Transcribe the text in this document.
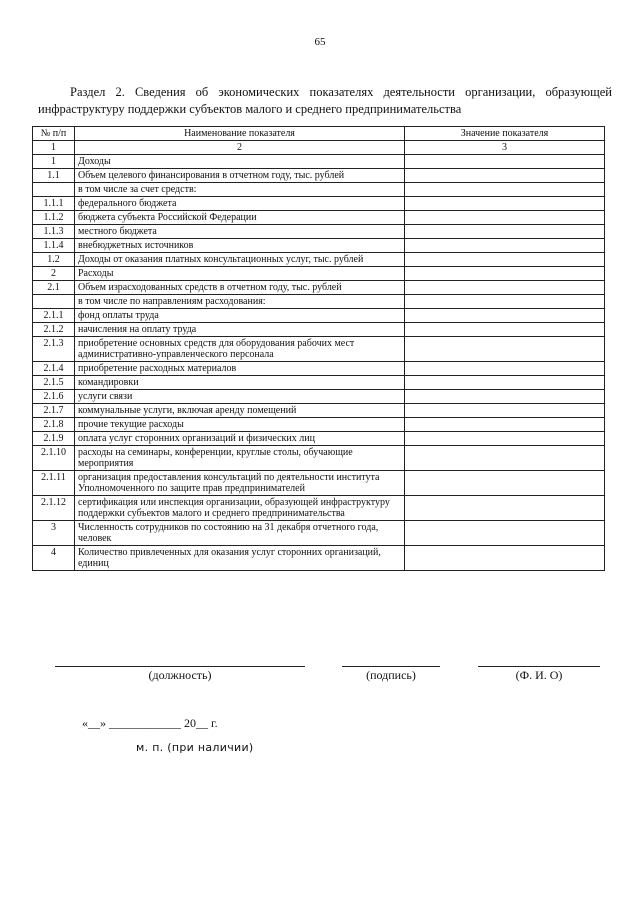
65
Раздел 2. Сведения об экономических показателях деятельности организации, образующей инфраструктуру поддержки субъектов малого и среднего предпринимательства
№ п/п	Наименование показателя	Значение показателя
1	2	3
1	Доходы	
1.1	Объем целевого финансирования в отчетном году, тыс. рублей	
	в том числе за счет средств:	
1.1.1	федерального бюджета	
1.1.2	бюджета субъекта Российской Федерации	
1.1.3	местного бюджета	
1.1.4	внебюджетных источников	
1.2	Доходы от оказания платных консультационных услуг, тыс. рублей	
2	Расходы	
2.1	Объем израсходованных средств в отчетном году, тыс. рублей	
	в том числе по направлениям расходования:	
2.1.1	фонд оплаты труда	
2.1.2	начисления на оплату труда	
2.1.3	приобретение основных средств для оборудования рабочих мест административно-управленческого персонала	
2.1.4	приобретение расходных материалов	
2.1.5	командировки	
2.1.6	услуги связи	
2.1.7	коммунальные услуги, включая аренду помещений	
2.1.8	прочие текущие расходы	
2.1.9	оплата услуг сторонних организаций и физических лиц	
2.1.10	расходы на семинары, конференции, круглые столы, обучающие мероприятия	
2.1.11	организация предоставления консультаций по деятельности института Уполномоченного по защите прав предпринимателей	
2.1.12	сертификация или инспекция организации, образующей инфраструктуру поддержки субъектов малого и среднего предпринимательства	
3	Численность сотрудников по состоянию на 31 декабря отчетного года, человек	
4	Количество привлеченных для оказания услуг сторонних организаций, единиц	
(должность)	(подпись)	(Ф. И. О)
«__» ____________ 20__ г.
м. п. (при наличии)
